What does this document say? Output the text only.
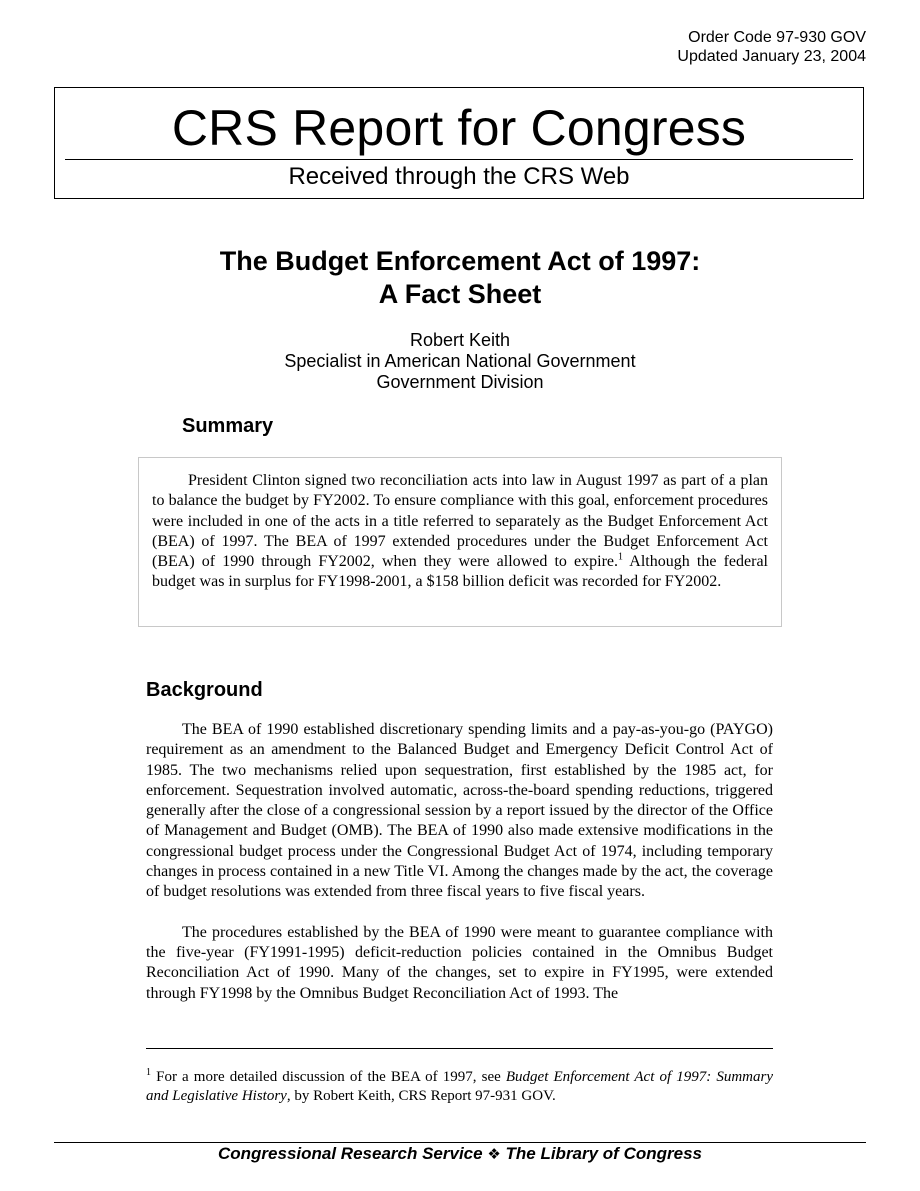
Order Code 97-930 GOV
Updated January 23, 2004
CRS Report for Congress
Received through the CRS Web
The Budget Enforcement Act of 1997:
A Fact Sheet
Robert Keith
Specialist in American National Government
Government Division
Summary

President Clinton signed two reconciliation acts into law in August 1997 as part of a plan to balance the budget by FY2002. To ensure compliance with this goal, enforcement procedures were included in one of the acts in a title referred to separately as the Budget Enforcement Act (BEA) of 1997. The BEA of 1997 extended procedures under the Budget Enforcement Act (BEA) of 1990 through FY2002, when they were allowed to expire.$^1$ Although the federal budget was in surplus for FY1998-2001, a $158 billion deficit was recorded for FY2002.

Background

The BEA of 1990 established discretionary spending limits and a pay-as-you-go (PAYGO) requirement as an amendment to the Balanced Budget and Emergency Deficit Control Act of 1985. The two mechanisms relied upon sequestration, first established by the 1985 act, for enforcement. Sequestration involved automatic, across-the-board spending reductions, triggered generally after the close of a congressional session by a report issued by the director of the Office of Management and Budget (OMB). The BEA of 1990 also made extensive modifications in the congressional budget process under the Congressional Budget Act of 1974, including temporary changes in process contained in a new Title VI. Among the changes made by the act, the coverage of budget resolutions was extended from three fiscal years to five fiscal years.

The procedures established by the BEA of 1990 were meant to guarantee compliance with the five-year (FY1991-1995) deficit-reduction policies contained in the Omnibus Budget Reconciliation Act of 1990. Many of the changes, set to expire in FY1995, were extended through FY1998 by the Omnibus Budget Reconciliation Act of 1993. The

$^1$ For a more detailed discussion of the BEA of 1997, see Budget Enforcement Act of 1997: Summary and Legislative History, by Robert Keith, CRS Report 97-931 GOV.
Congressional Research Service ❖ The Library of Congress
